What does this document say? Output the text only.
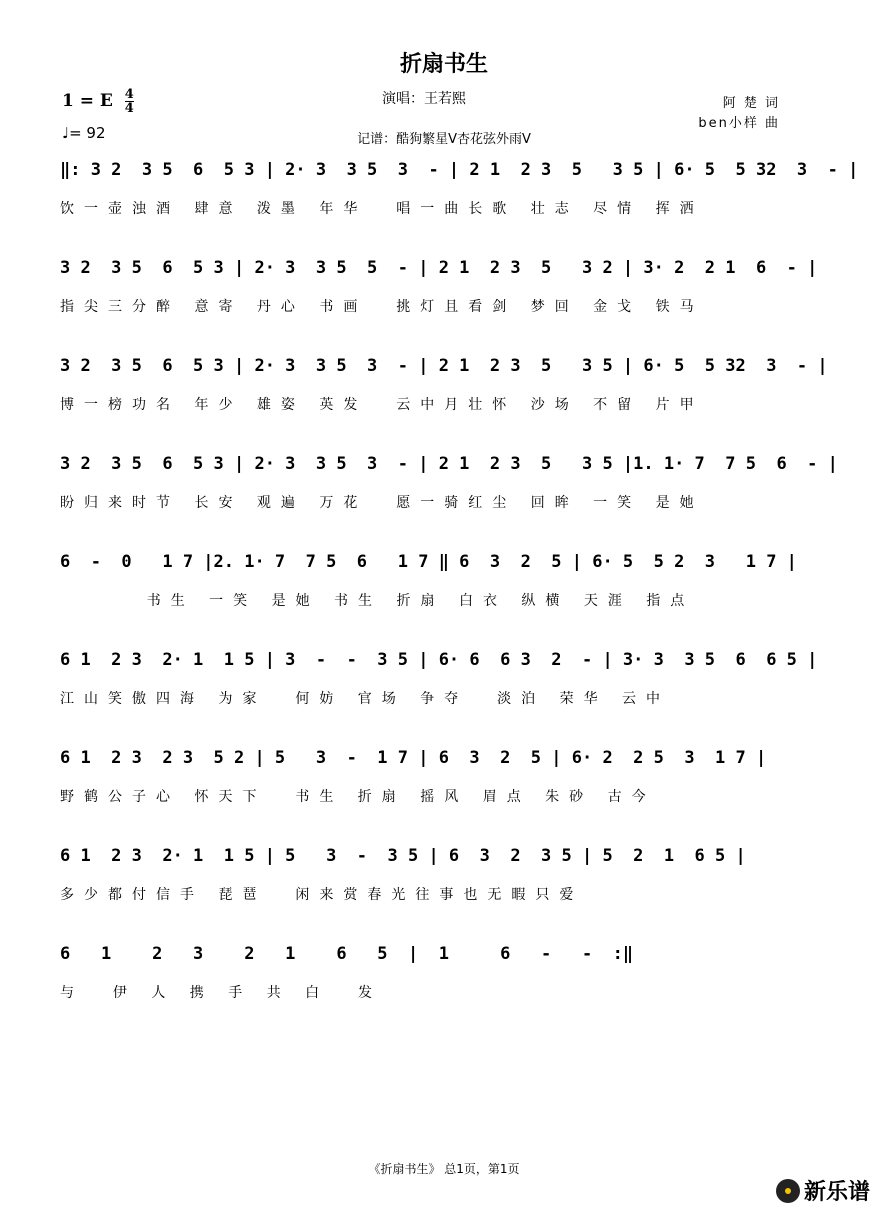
折扇书生
演唱：王若熙
1 = E $\frac{4}{4}$
♩= 92
阿 楚 词
ben小样 曲
记谱：酷狗繁星V杏花弦外雨V
‖: 3 2  3 5  6  5 3 | 2· 3  3 5  3  - | 2 1  2 3  5   3 5 | 6· 5  5 32  3  - |
饮一壶浊酒 肆意 泼墨 年华  唱一曲长歌 壮志 尽情 挥洒
3 2  3 5  6  5 3 | 2· 3  3 5  5  - | 2 1  2 3  5   3 2 | 3· 2  2 1  6  - |
指尖三分醉 意寄 丹心 书画  挑灯且看剑 梦回 金戈 铁马
3 2  3 5  6  5 3 | 2· 3  3 5  3  - | 2 1  2 3  5   3 5 | 6· 5  5 32  3  - |
博一榜功名 年少 雄姿 英发  云中月壮怀 沙场 不留 片甲
3 2  3 5  6  5 3 | 2· 3  3 5  3  - | 2 1  2 3  5   3 5 |1. 1· 7  7 5  6  - |
盼归来时节 长安 观遍 万花  愿一骑红尘 回眸 一笑 是她
6  -  0   1 7 |2. 1· 7  7 5  6   1 7 ‖ 6  3  2  5 | 6· 5  5 2  3   1 7 |
书生 一笑 是她 书生 折扇 白衣 纵横 天涯 指点
6 1  2 3  2· 1  1 5 | 3  -  -  3 5 | 6· 6  6 3  2  - | 3· 3  3 5  6  6 5 |
江山笑傲四海 为家  何妨 官场 争夺  淡泊 荣华 云中
6 1  2 3  2 3  5 2 | 5   3  -  1 7 | 6  3  2  5 | 6· 2  2 5  3  1 7 |
野鹤公子心 怀天下  书生 折扇 摇风 眉点 朱砂 古今
6 1  2 3  2· 1  1 5 | 5   3  -  3 5 | 6  3  2  3 5 | 5  2  1  6 5 |
多少都付信手 琵琶  闲来赏春光往事也无暇只爱
6   1    2   3    2   1    6   5  |  1     6   -   -  :‖
与  伊 人 携 手 共 白  发
《折扇书生》 总1页，第1页
新乐谱
